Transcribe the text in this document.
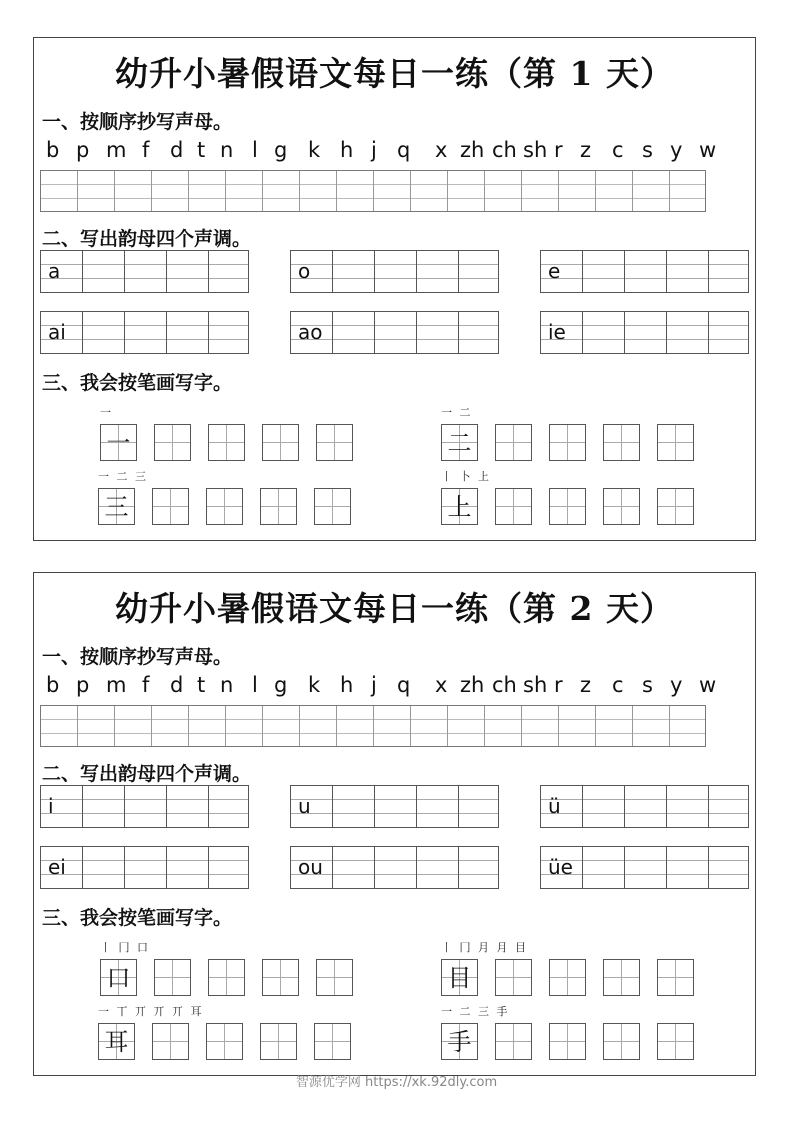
幼升小暑假语文每日一练（第 1 天）
一、按顺序抄写声母。
b p m f d t n l g k h j q x zh ch sh r z c s y w
二、写出韵母四个声调。
a	o	e
ai	ao	ie
三、我会按笔画写字。
一
一
一 二
二
一 二 三
三
丨 卜 上
上
幼升小暑假语文每日一练（第 2 天）
一、按顺序抄写声母。
b p m f d t n l g k h j q x zh ch sh r z c s y w
二、写出韵母四个声调。
i	u	ü
ei	ou	üe
三、我会按笔画写字。
丨 冂 口
口
丨 冂 月 月 目
目
一 丅 丌 丌 丌 耳
耳
一 二 三 手
手
智源优学网 https://xk.92dly.com
